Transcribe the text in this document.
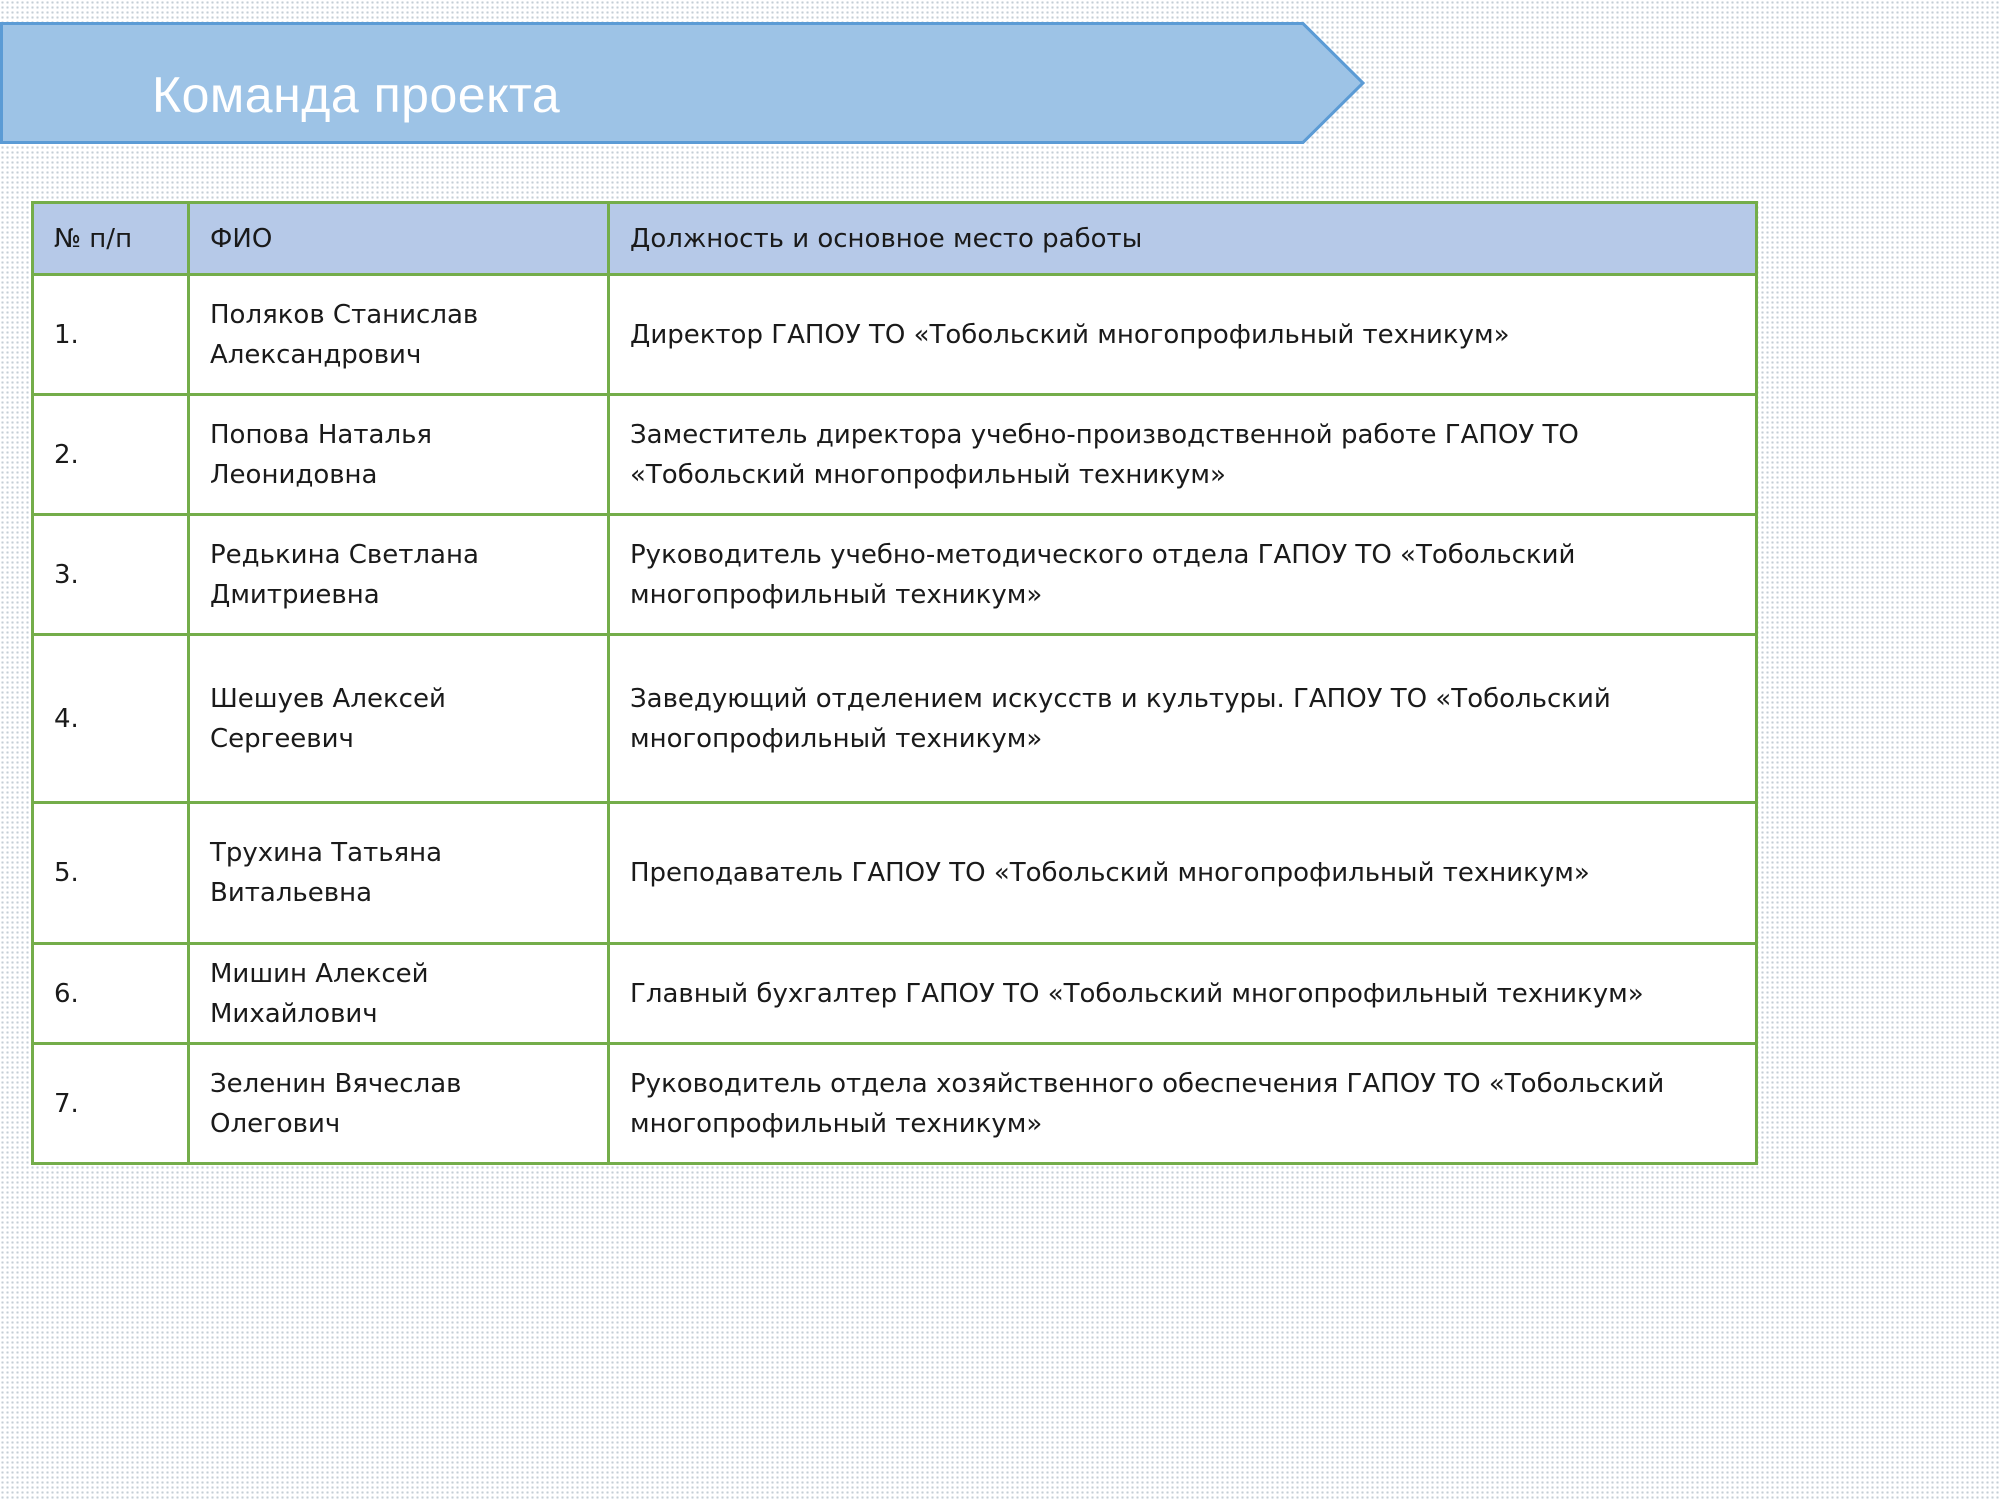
Команда проекта
№ п/п	ФИО	Должность и основное место работы
1.	Поляков Станислав Александрович	Директор ГАПОУ ТО «Тобольский многопрофильный техникум»
2.	Попова Наталья Леонидовна	Заместитель директора учебно-производственной работе ГАПОУ ТО «Тобольский многопрофильный техникум»
3.	Редькина Светлана Дмитриевна	Руководитель учебно-методического отдела ГАПОУ ТО «Тобольский многопрофильный техникум»
4.	Шешуев Алексей Сергеевич	Заведующий отделением искусств и культуры. ГАПОУ ТО «Тобольский многопрофильный техникум»
5.	Трухина Татьяна Витальевна	Преподаватель ГАПОУ ТО «Тобольский многопрофильный техникум»
6.	Мишин Алексей Михайлович	Главный бухгалтер ГАПОУ ТО «Тобольский многопрофильный техникум»
7.	Зеленин Вячеслав Олегович	Руководитель отдела хозяйственного обеспечения ГАПОУ ТО «Тобольский многопрофильный техникум»
